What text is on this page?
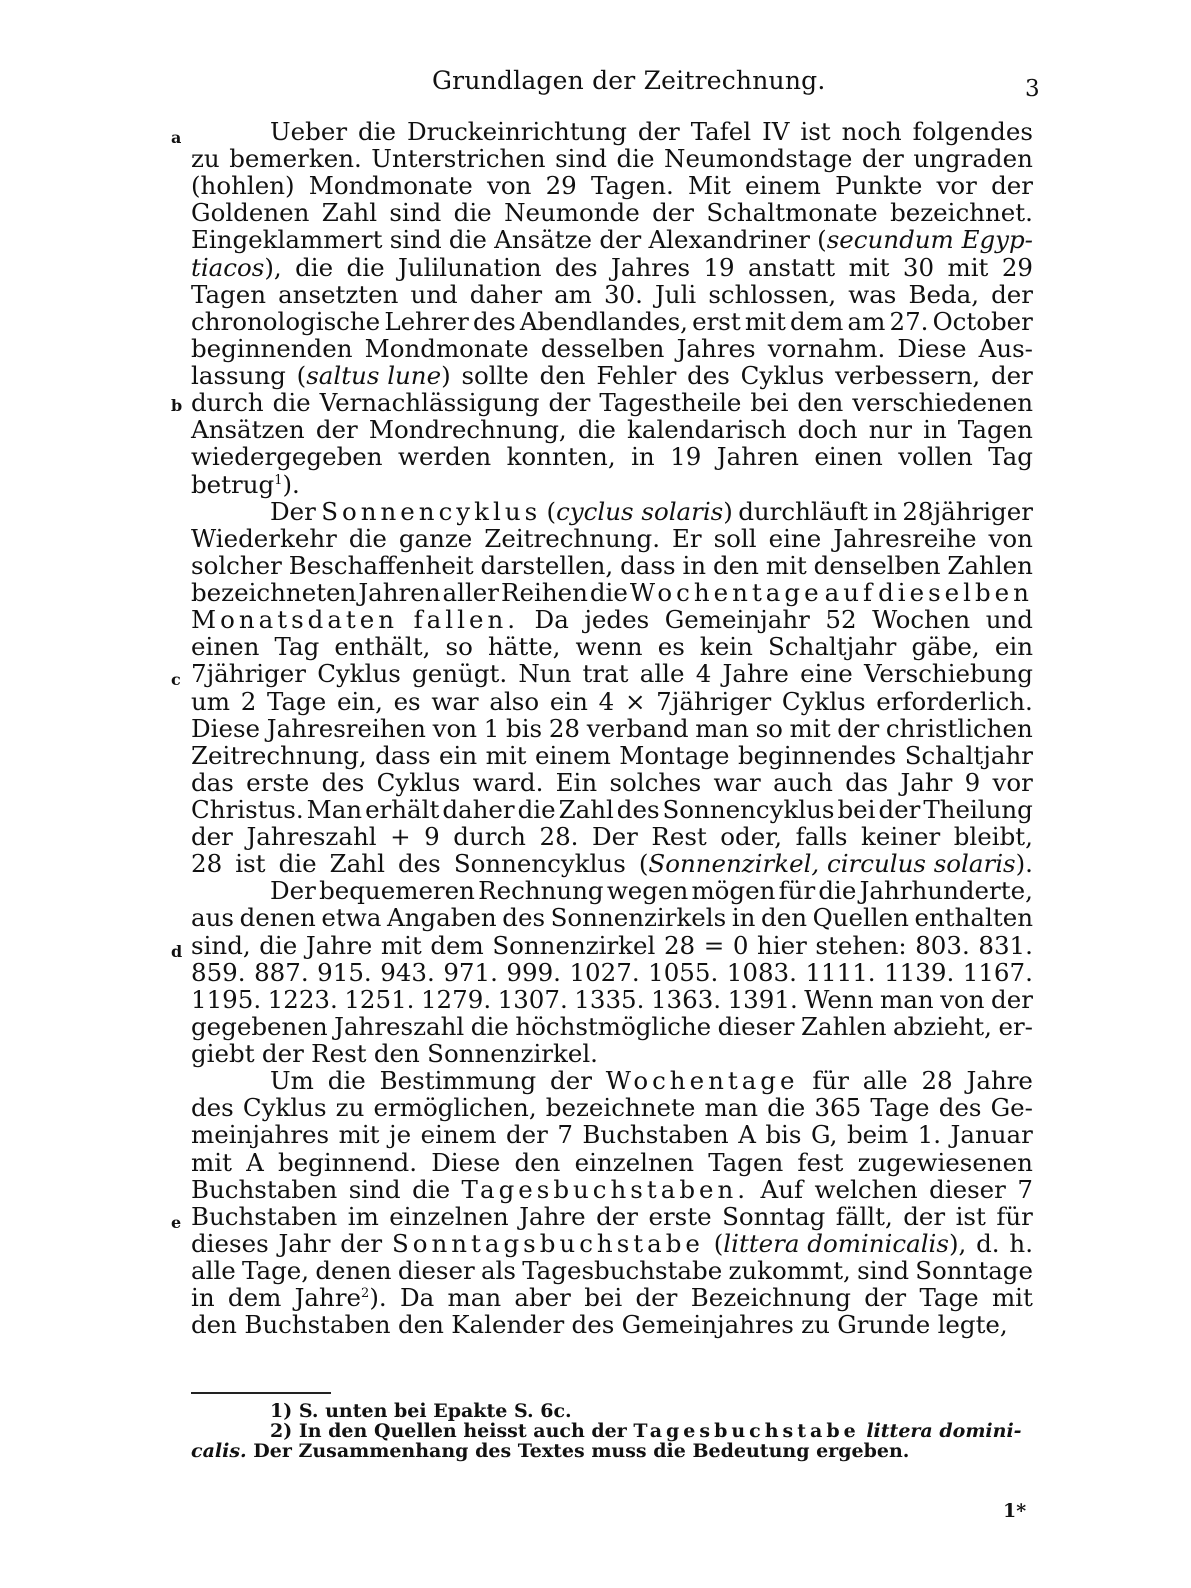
Grundlagen der Zeitrechnung.	3
a
b
c
d
e
Ueber die Druckeinrichtung der Tafel IV ist noch folgendes
zu bemerken. Unterstrichen sind die Neumondstage der ungraden
(hohlen) Mondmonate von 29 Tagen. Mit einem Punkte vor der
Goldenen Zahl sind die Neumonde der Schaltmonate bezeichnet.
Eingeklammert sind die Ansätze der Alexandriner (secundum Egyp-
tiacos), die die Julilunation des Jahres 19 anstatt mit 30 mit 29
Tagen ansetzten und daher am 30. Juli schlossen, was Beda, der
chronologische Lehrer des Abendlandes, erst mit dem am 27. October
beginnenden Mondmonate desselben Jahres vornahm. Diese Aus-
lassung (saltus lune) sollte den Fehler des Cyklus verbessern, der
durch die Vernachlässigung der Tagestheile bei den verschiedenen
Ansätzen der Mondrechnung, die kalendarisch doch nur in Tagen
wiedergegeben werden konnten, in 19 Jahren einen vollen Tag
betrug$^1$).
Der Sonnencyklus (cyclus solaris) durchläuft in 28jähriger
Wiederkehr die ganze Zeitrechnung. Er soll eine Jahresreihe von
solcher Beschaffenheit darstellen, dass in den mit denselben Zahlen
bezeichneten Jahren aller Reihen die Wochentage auf dieselben
Monatsdaten fallen. Da jedes Gemeinjahr 52 Wochen und
einen Tag enthält, so hätte, wenn es kein Schaltjahr gäbe, ein
7jähriger Cyklus genügt. Nun trat alle 4 Jahre eine Verschiebung
um 2 Tage ein, es war also ein 4 × 7jähriger Cyklus erforderlich.
Diese Jahresreihen von 1 bis 28 verband man so mit der christlichen
Zeitrechnung, dass ein mit einem Montage beginnendes Schaltjahr
das erste des Cyklus ward. Ein solches war auch das Jahr 9 vor
Christus. Man erhält daher die Zahl des Sonnencyklus bei der Theilung
der Jahreszahl + 9 durch 28. Der Rest oder, falls keiner bleibt,
28 ist die Zahl des Sonnencyklus (Sonnenzirkel, circulus solaris).
Der bequemeren Rechnung wegen mögen für die Jahrhunderte,
aus denen etwa Angaben des Sonnenzirkels in den Quellen enthalten
sind, die Jahre mit dem Sonnenzirkel 28 = 0 hier stehen: 803. 831.
859. 887. 915. 943. 971. 999. 1027. 1055. 1083. 1111. 1139. 1167.
1195. 1223. 1251. 1279. 1307. 1335. 1363. 1391. Wenn man von der
gegebenen Jahreszahl die höchstmögliche dieser Zahlen abzieht, er-
giebt der Rest den Sonnenzirkel.
Um die Bestimmung der Wochentage für alle 28 Jahre
des Cyklus zu ermöglichen, bezeichnete man die 365 Tage des Ge-
meinjahres mit je einem der 7 Buchstaben A bis G, beim 1. Januar
mit A beginnend. Diese den einzelnen Tagen fest zugewiesenen
Buchstaben sind die Tagesbuchstaben. Auf welchen dieser 7
Buchstaben im einzelnen Jahre der erste Sonntag fällt, der ist für
dieses Jahr der Sonntagsbuchstabe (littera dominicalis), d. h.
alle Tage, denen dieser als Tagesbuchstabe zukommt, sind Sonntage
in dem Jahre$^2$). Da man aber bei der Bezeichnung der Tage mit
den Buchstaben den Kalender des Gemeinjahres zu Grunde legte,
1) S. unten bei Epakte S. 6c.
2) In den Quellen heisst auch der Tagesbuchstabe littera domini-
calis. Der Zusammenhang des Textes muss die Bedeutung ergeben.
1*
